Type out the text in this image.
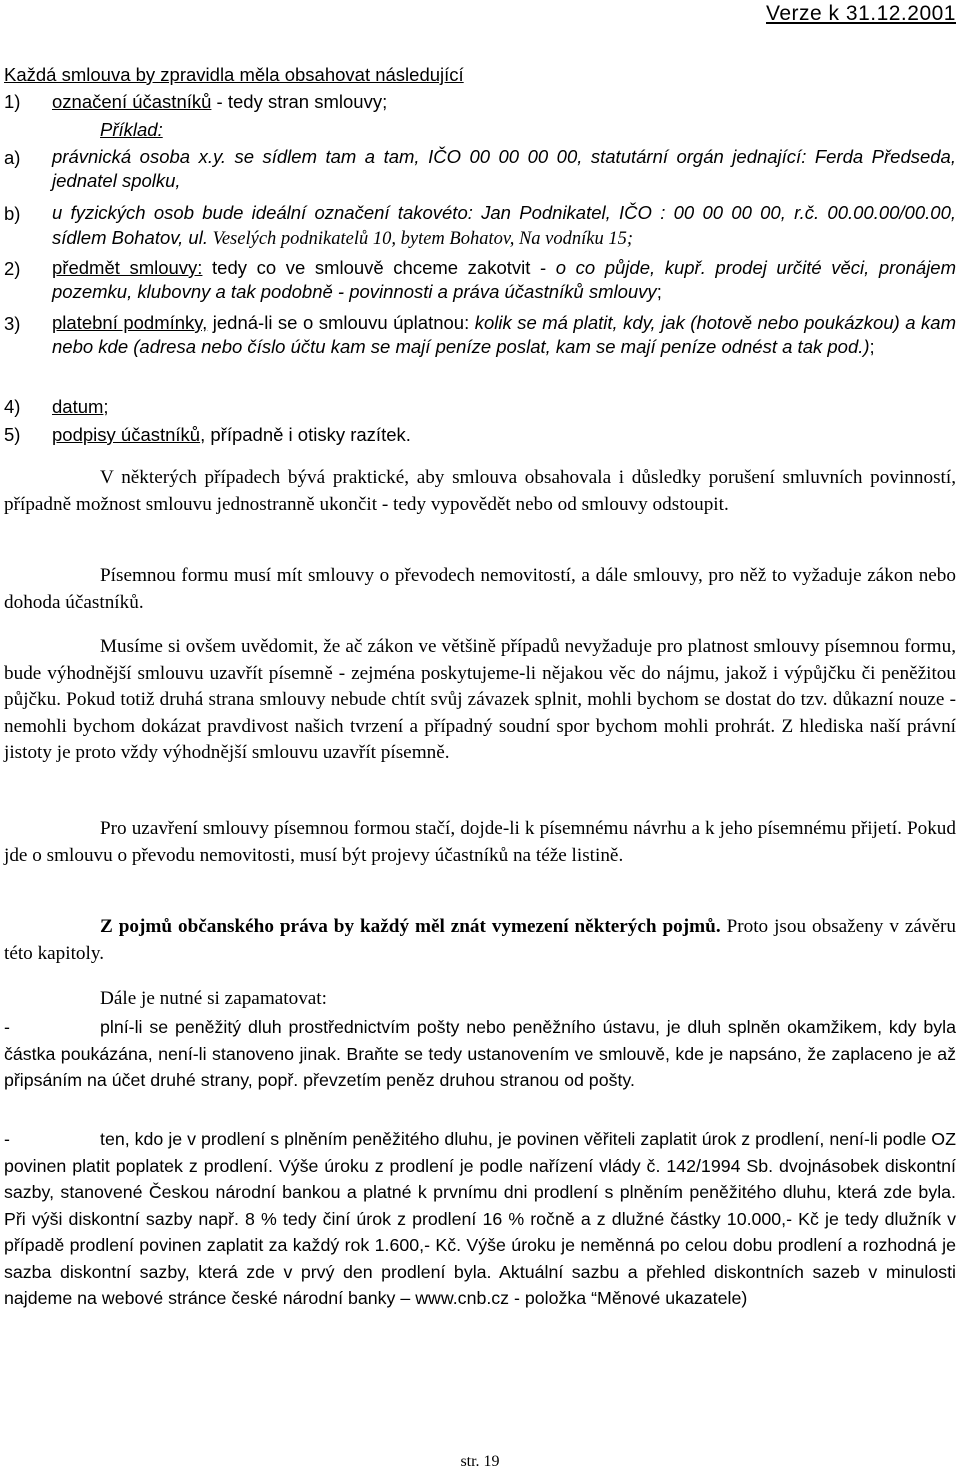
Verze k 31.12.2001
Každá smlouva by zpravidla měla obsahovat následující
1) označení účastníků - tedy stran smlouvy;
Příklad:
a)	právnická osoba x.y. se sídlem tam a tam, IČO 00 00 00 00, statutární orgán jednající: Ferda Předseda, jednatel spolku,
b)	u fyzických osob bude ideální označení takovéto: Jan Podnikatel, IČO : 00 00 00 00, r.č. 00.00.00/00.00, sídlem Bohatov, ul. Veselých podnikatelů 10, bytem Bohatov, Na vodníku 15;
2)	předmět smlouvy: tedy co ve smlouvě chceme zakotvit - o co půjde, kupř. prodej určité věci, pronájem pozemku, klubovny a tak podobně - povinnosti a práva účastníků smlouvy;
3)	platební podmínky, jedná-li se o smlouvu úplatnou: kolik se má platit, kdy, jak (hotově nebo poukázkou) a kam nebo kde (adresa nebo číslo účtu kam se mají peníze poslat, kam se mají peníze odnést a tak pod.);
4) datum;
5) podpisy účastníků, případně i otisky razítek.
V některých případech bývá praktické, aby smlouva obsahovala i důsledky porušení smluvních povinností, případně možnost smlouvu jednostranně ukončit - tedy vypovědět nebo od smlouvy odstoupit.
Písemnou formu musí mít smlouvy o převodech nemovitostí, a dále smlouvy, pro něž to vyžaduje zákon nebo dohoda účastníků.
Musíme si ovšem uvědomit, že ač zákon ve většině případů nevyžaduje pro platnost smlouvy písemnou formu, bude výhodnější smlouvu uzavřít písemně - zejména poskytujeme-li nějakou věc do nájmu, jakož i výpůjčku či peněžitou půjčku. Pokud totiž druhá strana smlouvy nebude chtít svůj závazek splnit, mohli bychom se dostat do tzv. důkazní nouze - nemohli bychom dokázat pravdivost našich tvrzení a případný soudní spor bychom mohli prohrát. Z hlediska naší právní jistoty je proto vždy výhodnější smlouvu uzavřít písemně.
Pro uzavření smlouvy písemnou formou stačí, dojde-li k písemnému návrhu a k jeho písemnému přijetí. Pokud jde o smlouvu o převodu nemovitosti, musí být projevy účastníků na téže listině.
Z pojmů občanského práva by každý měl znát vymezení některých pojmů. Proto jsou obsaženy v závěru této kapitoly.
Dále je nutné si zapamatovat:
-	plní-li se peněžitý dluh prostřednictvím pošty nebo peněžního ústavu, je dluh splněn okamžikem, kdy byla částka poukázána, není-li stanoveno jinak. Braňte se tedy ustanovením ve smlouvě, kde je napsáno, že zaplaceno je až připsáním na účet druhé strany, popř. převzetím peněz druhou stranou od pošty.
-	ten, kdo je v prodlení s plněním peněžitého dluhu, je povinen věřiteli zaplatit úrok z prodlení, není-li podle OZ povinen platit poplatek z prodlení. Výše úroku z prodlení je podle nařízení vlády č. 142/1994 Sb. dvojnásobek diskontní sazby, stanovené Českou národní bankou a platné k prvnímu dni prodlení s plněním peněžitého dluhu, která zde byla. Při výši diskontní sazby např. 8 % tedy činí úrok z prodlení 16 % ročně a z dlužné částky 10.000,- Kč je tedy dlužník v případě prodlení povinen zaplatit za každý rok 1.600,- Kč. Výše úroku je neměnná po celou dobu prodlení a rozhodná je sazba diskontní sazby, která zde v prvý den prodlení byla. Aktuální sazbu a přehled diskontních sazeb v minulosti najdeme na webové stránce české národní banky – www.cnb.cz - položka “Měnové ukazatele)
str. 19
